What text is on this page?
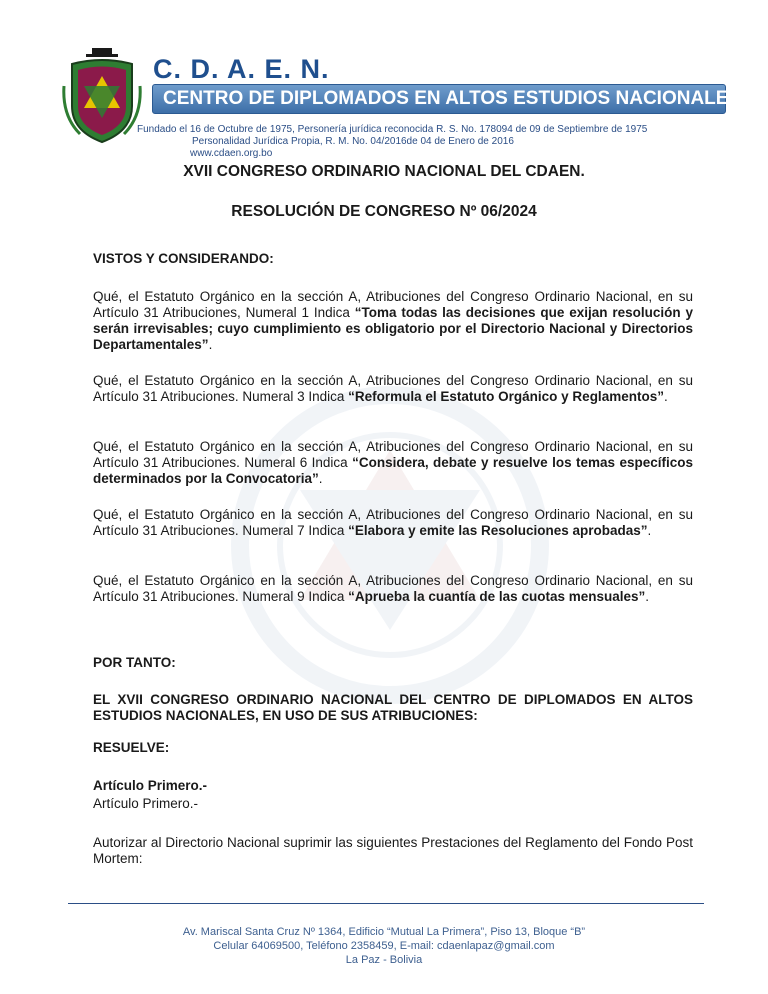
C. D. A. E. N.
CENTRO DE DIPLOMADOS EN ALTOS ESTUDIOS NACIONALES
Fundado el 16 de Octubre de 1975, Personería jurídica reconocida R. S. No. 178094 de 09 de Septiembre de 1975
Personalidad Jurídica Propia, R. M. No. 04/2016de 04 de Enero de 2016
www.cdaen.org.bo
XVII CONGRESO ORDINARIO NACIONAL DEL CDAEN.
RESOLUCIÓN DE CONGRESO Nº 06/2024
VISTOS Y CONSIDERANDO:
Qué, el Estatuto Orgánico en la sección A, Atribuciones del Congreso Ordinario Nacional, en su Artículo 31 Atribuciones, Numeral 1 Indica “Toma todas las decisiones que exijan resolución y serán irrevisables; cuyo cumplimiento es obligatorio por el Directorio Nacional y Directorios Departamentales”.
Qué, el Estatuto Orgánico en la sección A, Atribuciones del Congreso Ordinario Nacional, en su Artículo 31 Atribuciones. Numeral 3 Indica “Reformula el Estatuto Orgánico y Reglamentos”.
Qué, el Estatuto Orgánico en la sección A, Atribuciones del Congreso Ordinario Nacional, en su Artículo 31 Atribuciones. Numeral 6 Indica “Considera, debate y resuelve los temas específicos determinados por la Convocatoria”.
Qué, el Estatuto Orgánico en la sección A, Atribuciones del Congreso Ordinario Nacional, en su Artículo 31 Atribuciones. Numeral 7 Indica “Elabora y emite las Resoluciones aprobadas”.
Qué, el Estatuto Orgánico en la sección A, Atribuciones del Congreso Ordinario Nacional, en su Artículo 31 Atribuciones. Numeral 9 Indica “Aprueba la cuantía de las cuotas mensuales”.
POR TANTO:
EL XVII CONGRESO ORDINARIO NACIONAL DEL CENTRO DE DIPLOMADOS EN ALTOS ESTUDIOS NACIONALES, EN USO DE SUS ATRIBUCIONES:
RESUELVE:
Artículo Primero.-
Artículo Primero.-
Autorizar al Directorio Nacional suprimir las siguientes Prestaciones del Reglamento del Fondo Post Mortem:
Av. Mariscal Santa Cruz Nº 1364, Edificio “Mutual La Primera”, Piso 13, Bloque “B”
Celular 64069500, Teléfono 2358459, E-mail: cdaenlapaz@gmail.com
La Paz - Bolivia
